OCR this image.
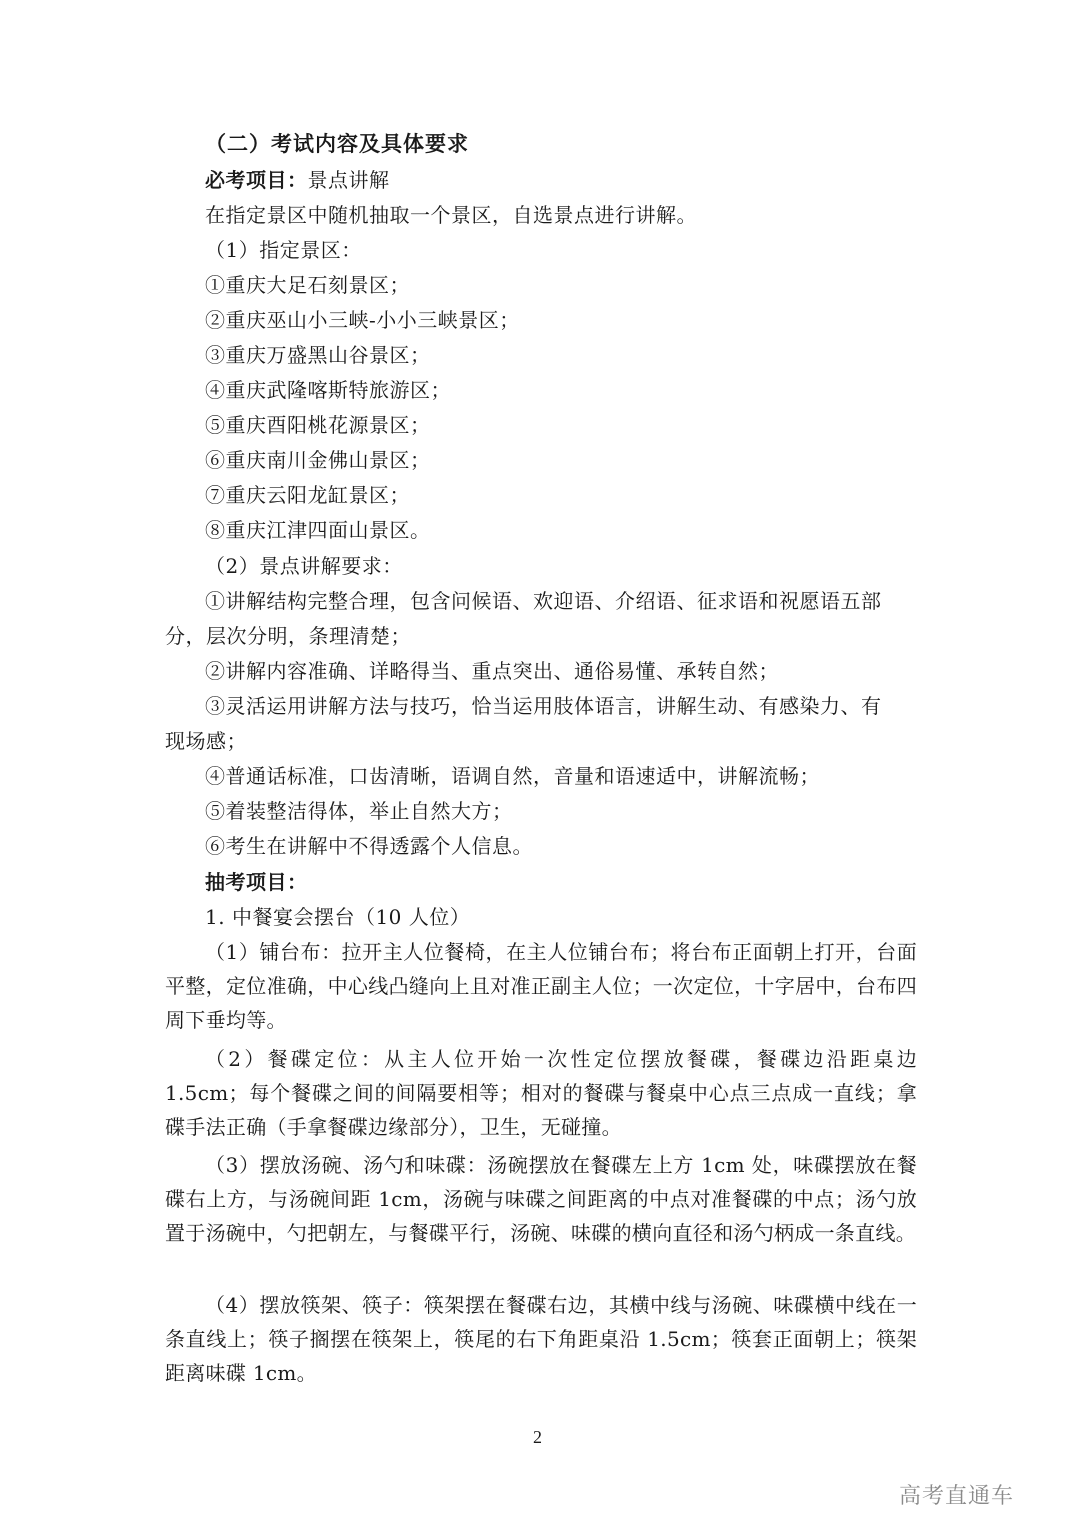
（二）考试内容及具体要求
必考项目：景点讲解
在指定景区中随机抽取一个景区，自选景点进行讲解。
（1）指定景区：
①重庆大足石刻景区；
②重庆巫山小三峡-小小三峡景区；
③重庆万盛黑山谷景区；
④重庆武隆喀斯特旅游区；
⑤重庆酉阳桃花源景区；
⑥重庆南川金佛山景区；
⑦重庆云阳龙缸景区；
⑧重庆江津四面山景区。
（2）景点讲解要求：
①讲解结构完整合理，包含问候语、欢迎语、介绍语、征求语和祝愿语五部
分，层次分明，条理清楚；
②讲解内容准确、详略得当、重点突出、通俗易懂、承转自然；
③灵活运用讲解方法与技巧，恰当运用肢体语言，讲解生动、有感染力、有
现场感；
④普通话标准，口齿清晰，语调自然，音量和语速适中，讲解流畅；
⑤着装整洁得体，举止自然大方；
⑥考生在讲解中不得透露个人信息。
抽考项目：
1. 中餐宴会摆台（10 人位）
（1）铺台布：拉开主人位餐椅，在主人位铺台布；将台布正面朝上打开，台面平整，定位准确，中心线凸缝向上且对准正副主人位；一次定位，十字居中，台布四周下垂均等。
（2）餐碟定位：从主人位开始一次性定位摆放餐碟，餐碟边沿距桌边 1.5cm；每个餐碟之间的间隔要相等；相对的餐碟与餐桌中心点三点成一直线；拿碟手法正确（手拿餐碟边缘部分），卫生，无碰撞。
（3）摆放汤碗、汤勺和味碟：汤碗摆放在餐碟左上方 1cm 处，味碟摆放在餐碟右上方，与汤碗间距 1cm，汤碗与味碟之间距离的中点对准餐碟的中点；汤勺放置于汤碗中，勺把朝左，与餐碟平行，汤碗、味碟的横向直径和汤勺柄成一条直线。
（4）摆放筷架、筷子：筷架摆在餐碟右边，其横中线与汤碗、味碟横中线在一条直线上；筷子搁摆在筷架上，筷尾的右下角距桌沿 1.5cm；筷套正面朝上；筷架距离味碟 1cm。
2
高考直通车
